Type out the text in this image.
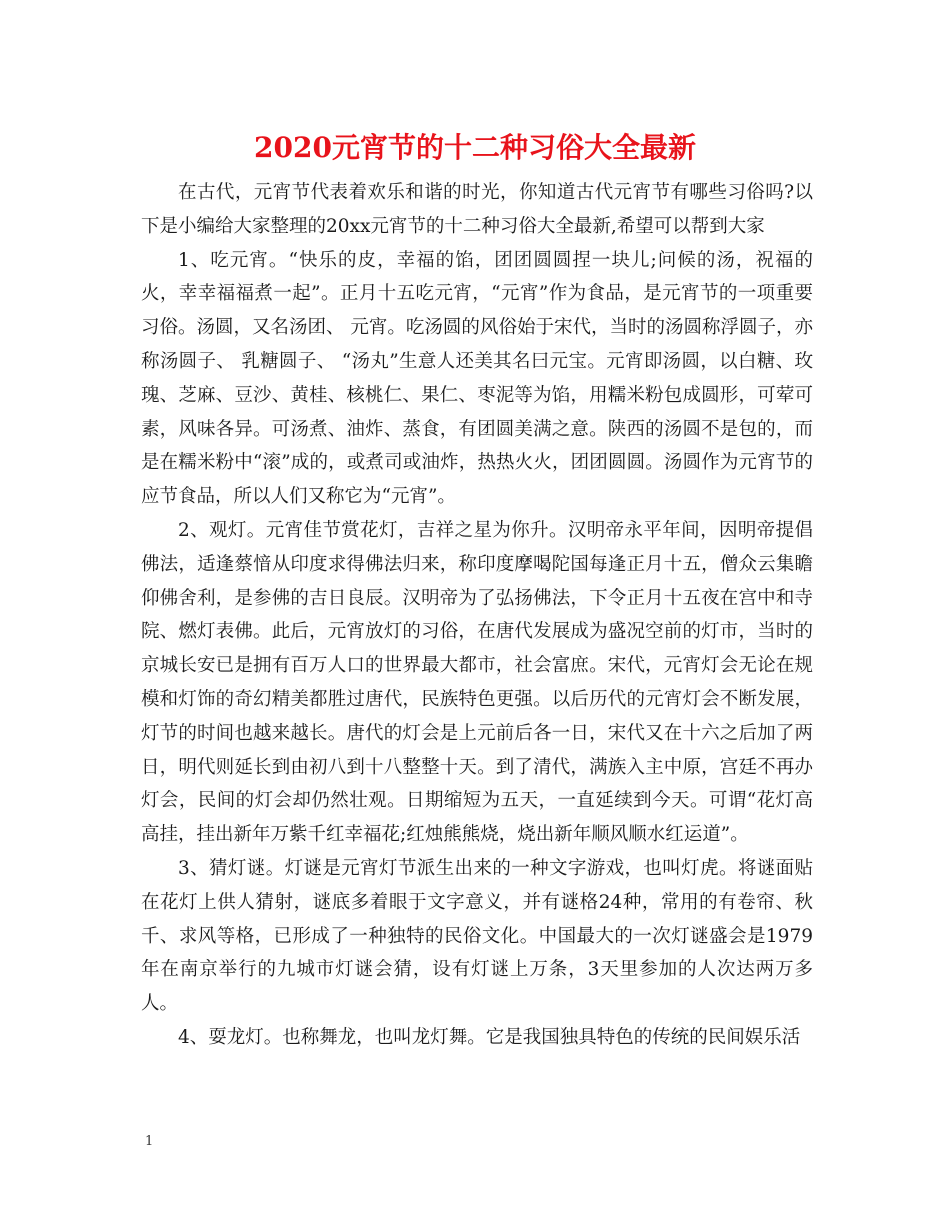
2020元宵节的十二种习俗大全最新

在古代，元宵节代表着欢乐和谐的时光，你知道古代元宵节有哪些习俗吗?以下是小编给大家整理的20xx元宵节的十二种习俗大全最新,希望可以帮到大家

1、吃元宵。“快乐的皮，幸福的馅，团团圆圆捏一块儿;问候的汤，祝福的火，幸幸福福煮一起”。正月十五吃元宵，“元宵”作为食品，是元宵节的一项重要习俗。汤圆，又名汤团、 元宵。吃汤圆的风俗始于宋代，当时的汤圆称浮圆子，亦称汤圆子、 乳糖圆子、 “汤丸”生意人还美其名曰元宝。元宵即汤圆，以白糖、玫瑰、芝麻、豆沙、黄桂、核桃仁、果仁、枣泥等为馅，用糯米粉包成圆形，可荤可素，风味各异。可汤煮、油炸、蒸食，有团圆美满之意。陕西的汤圆不是包的，而是在糯米粉中“滚”成的，或煮司或油炸，热热火火，团团圆圆。汤圆作为元宵节的应节食品，所以人们又称它为“元宵”。

2、观灯。元宵佳节赏花灯，吉祥之星为你升。汉明帝永平年间，因明帝提倡佛法，适逢蔡愔从印度求得佛法归来，称印度摩喝陀国每逢正月十五，僧众云集瞻仰佛舍利，是参佛的吉日良辰。汉明帝为了弘扬佛法，下令正月十五夜在宫中和寺院、燃灯表佛。此后，元宵放灯的习俗，在唐代发展成为盛况空前的灯市，当时的京城长安已是拥有百万人口的世界最大都市，社会富庶。宋代，元宵灯会无论在规模和灯饰的奇幻精美都胜过唐代，民族特色更强。以后历代的元宵灯会不断发展，灯节的时间也越来越长。唐代的灯会是上元前后各一日，宋代又在十六之后加了两日，明代则延长到由初八到十八整整十天。到了清代，满族入主中原，宫廷不再办灯会，民间的灯会却仍然壮观。日期缩短为五天，一直延续到今天。可谓“花灯高高挂，挂出新年万紫千红幸福花;红烛熊熊烧，烧出新年顺风顺水红运道”。

3、猜灯谜。灯谜是元宵灯节派生出来的一种文字游戏，也叫灯虎。将谜面贴在花灯上供人猜射，谜底多着眼于文字意义，并有谜格24种，常用的有卷帘、秋千、求风等格，已形成了一种独特的民俗文化。中国最大的一次灯谜盛会是1979年在南京举行的九城市灯谜会猜，设有灯谜上万条，3天里参加的人次达两万多人。

4、耍龙灯。也称舞龙，也叫龙灯舞。它是我国独具特色的传统的民间娱乐活

1
